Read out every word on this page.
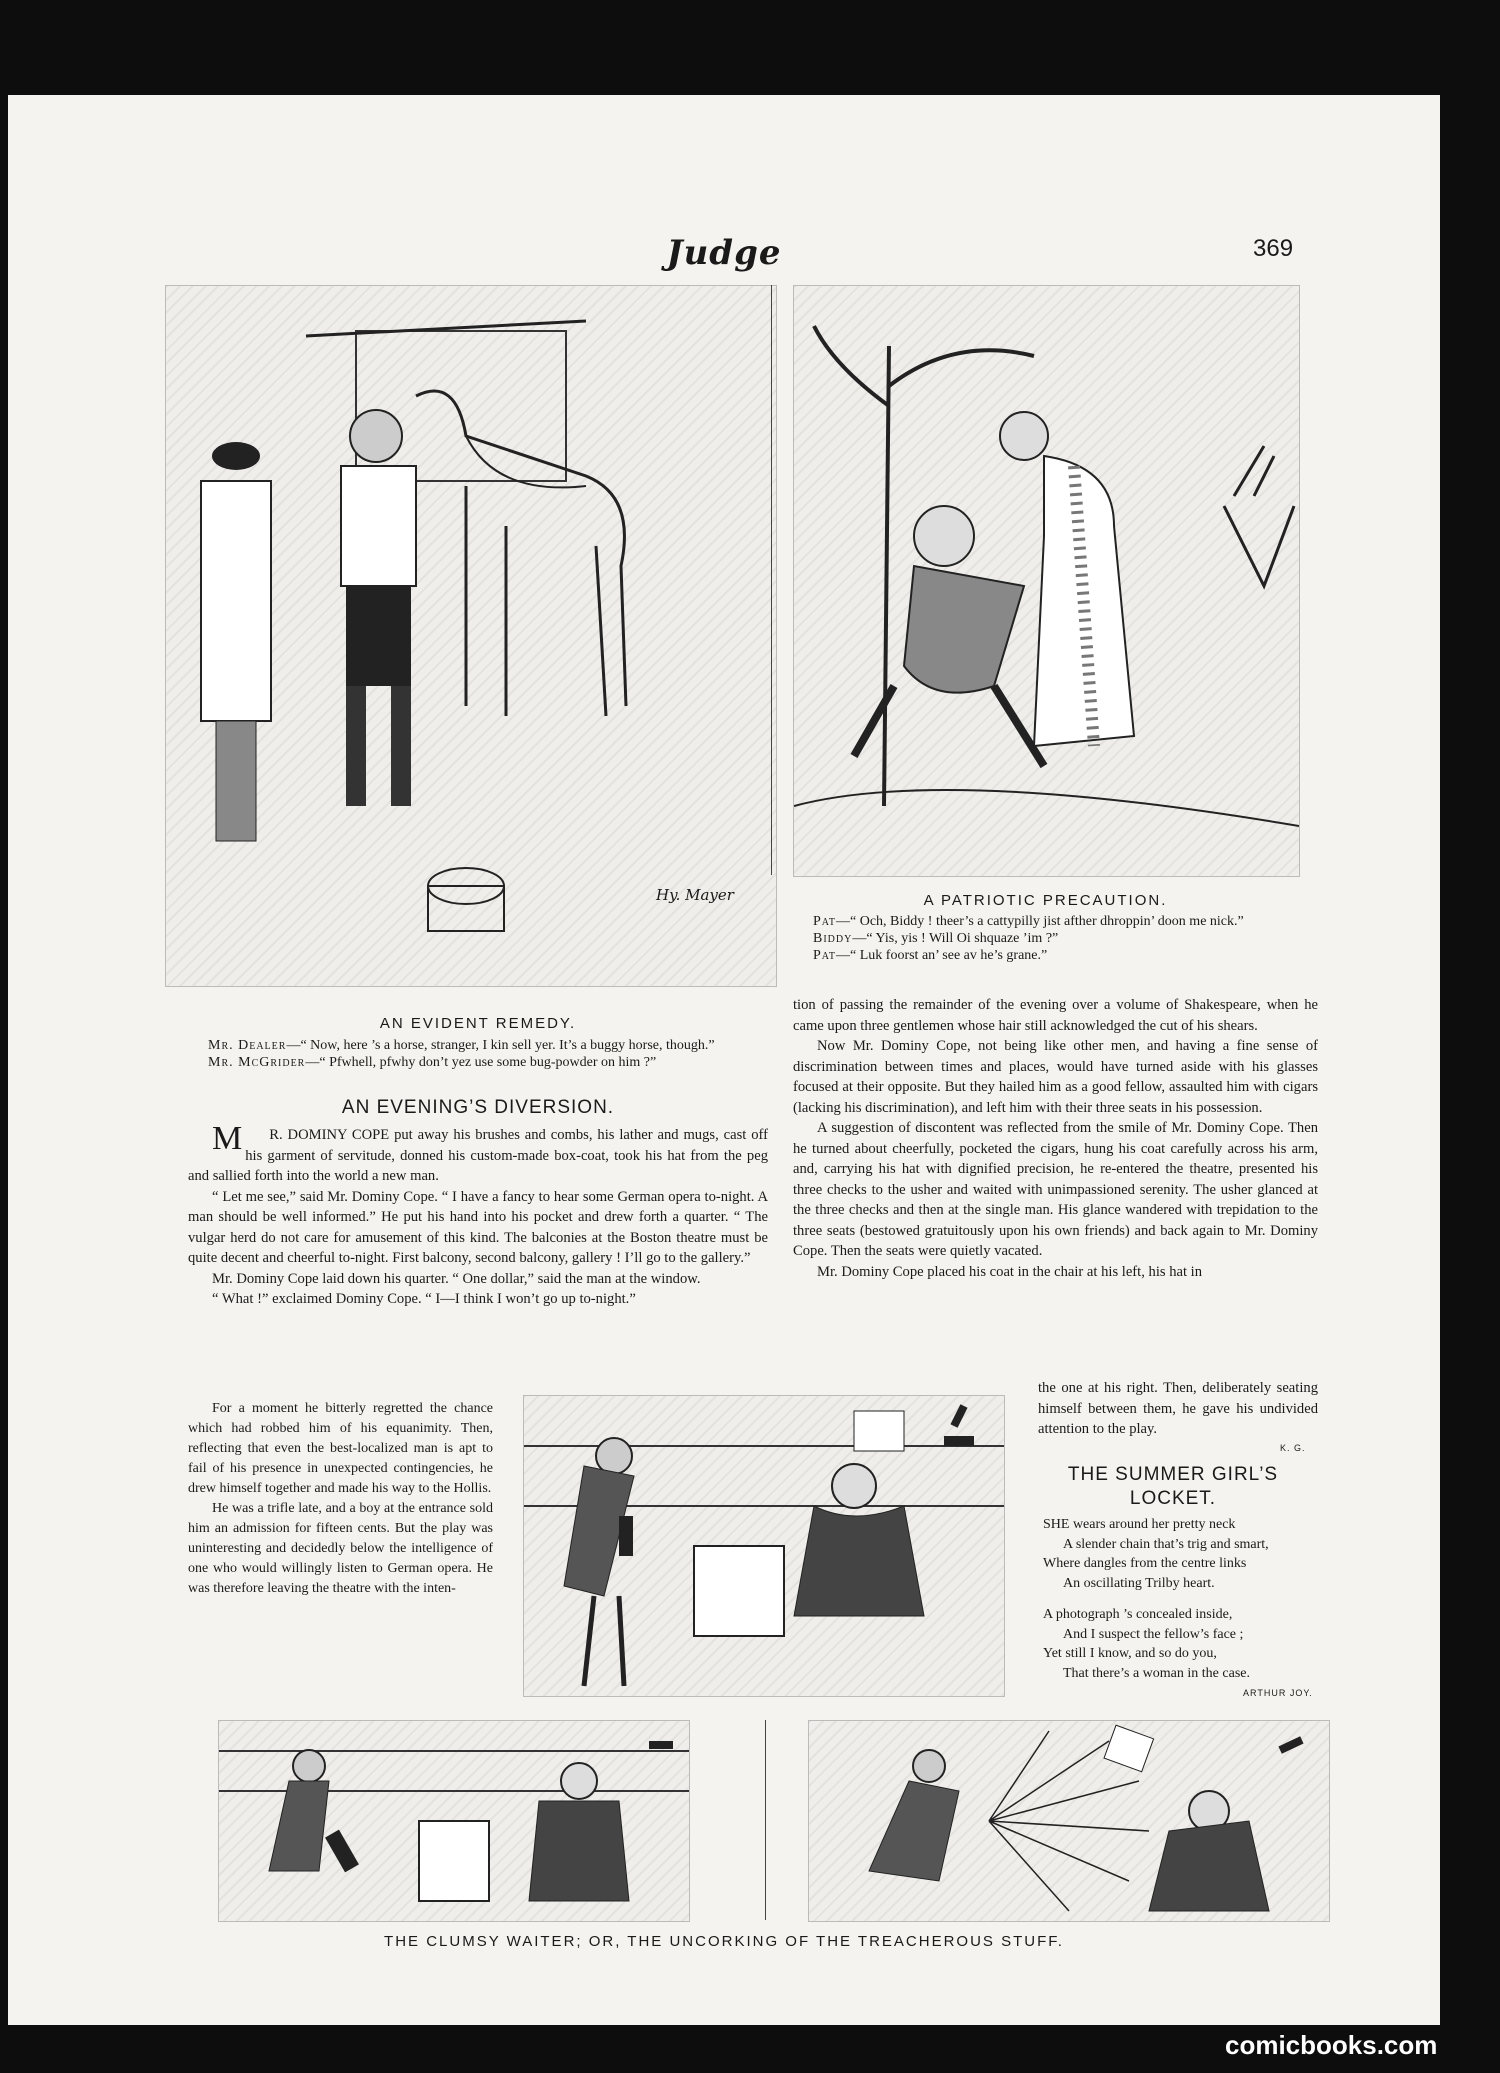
Judge	369
Hy. Mayer	A PATRIOTIC PRECAUTION.

Pat—“ Och, Biddy ! theer’s a cattypilly jist afther dhroppin’ doon me nick.”

Biddy—“ Yis, yis ! Will Oi shquaze ’im ?”

Pat—“ Luk foorst an’ see av he’s grane.”

AN EVIDENT REMEDY.

Mr. Dealer—“ Now, here ’s a horse, stranger, I kin sell yer. It’s a buggy horse, though.”

Mr. McGrider—“ Pfwhell, pfwhy don’t yez use some bug-powder on him ?”

AN EVENING’S DIVERSION.

MR. DOMINY COPE put away his brushes and combs, his lather and mugs, cast off his garment of servitude, donned his custom-made box-coat, took his hat from the peg and sallied forth into the world a new man.

“ Let me see,” said Mr. Dominy Cope. “ I have a fancy to hear some German opera to-night. A man should be well informed.” He put his hand into his pocket and drew forth a quarter. “ The vulgar herd do not care for amusement of this kind. The balconies at the Boston theatre must be quite decent and cheerful to-night. First balcony, second balcony, gallery ! I’ll go to the gallery.”

Mr. Dominy Cope laid down his quarter. “ One dollar,” said the man at the window.

“ What !” exclaimed Dominy Cope. “ I—I think I won’t go up to-night.”

For a moment he bitterly regretted the chance which had robbed him of his equanimity. Then, reflecting that even the best-localized man is apt to fail of his presence in unexpected contingencies, he drew himself together and made his way to the Hollis.

He was a trifle late, and a boy at the entrance sold him an admission for fifteen cents. But the play was uninteresting and decidedly below the intelligence of one who would willingly listen to German opera. He was therefore leaving the theatre with the inten-

tion of passing the remainder of the evening over a volume of Shakespeare, when he came upon three gentlemen whose hair still acknowledged the cut of his shears.

Now Mr. Dominy Cope, not being like other men, and having a fine sense of discrimination between times and places, would have turned aside with his glasses focused at their opposite. But they hailed him as a good fellow, assaulted him with cigars (lacking his discrimination), and left him with their three seats in his possession.

A suggestion of discontent was reflected from the smile of Mr. Dominy Cope. Then he turned about cheerfully, pocketed the cigars, hung his coat carefully across his arm, and, carrying his hat with dignified precision, he re-entered the theatre, presented his three checks to the usher and waited with unimpassioned serenity. The usher glanced at the three checks and then at the single man. His glance wandered with trepidation to the three seats (bestowed gratuitously upon his own friends) and back again to Mr. Dominy Cope. Then the seats were quietly vacated.

Mr. Dominy Cope placed his coat in the chair at his left, his hat in

the one at his right. Then, deliberately seating himself between them, he gave his undivided attention to the play.

K. G.
THE SUMMER GIRL’S
LOCKET.
SHE wears around her pretty neck
A slender chain that’s trig and smart,
Where dangles from the centre links
An oscillating Trilby heart.
A photograph ’s concealed inside,
And I suspect the fellow’s face ;
Yet still I know, and so do you,
That there’s a woman in the case.
ARTHUR JOY.
THE CLUMSY WAITER; OR, THE UNCORKING OF THE TREACHEROUS STUFF.
comicbooks.com
